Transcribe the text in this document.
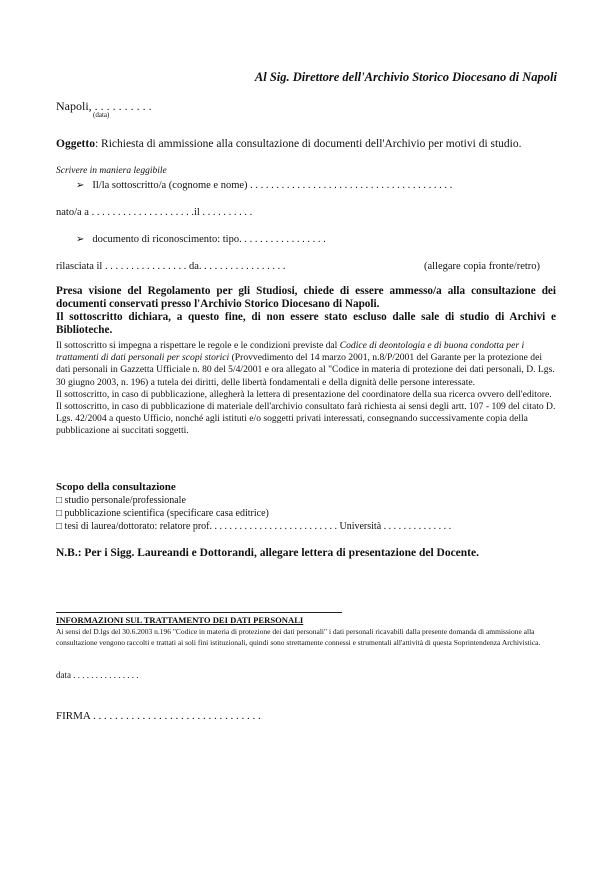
Al Sig. Direttore dell'Archivio Storico Diocesano di Napoli
Napoli, . . . . . . . . . .
(data)
Oggetto: Richiesta di ammissione alla consultazione di documenti dell'Archivio per motivi di studio.
Scrivere in maniera leggibile
➢ Il/la sottoscritto/a (cognome e nome) . . . . . . . . . . . . . . . . . . . . . . . . . . . . . . . . . . . . . . .
nato/a a . . . . . . . . . . . . . . . . . . . .il . . . . . . . . . .
➢ documento di riconoscimento: tipo. . . . . . . . . . . . . . . . .
rilasciata il . . . . . . . . . . . . . . . . da. . . . . . . . . . . . . . . . .	(allegare copia fronte/retro)
Presa visione del Regolamento per gli Studiosi, chiede di essere ammesso/a alla consultazione dei documenti conservati presso l'Archivio Storico Diocesano di Napoli.
Il sottoscritto dichiara, a questo fine, di non essere stato escluso dalle sale di studio di Archivi e Biblioteche.

Il sottoscritto si impegna a rispettare le regole e le condizioni previste dal Codice di deontologia e di buona condotta per i trattamenti di dati personali per scopi storici (Provvedimento del 14 marzo 2001, n.8/P/2001 del Garante per la protezione dei dati personali in Gazzetta Ufficiale n. 80 del 5/4/2001 e ora allegato al "Codice in materia di protezione dei dati personali, D. Lgs. 30 giugno 2003, n. 196) a tutela dei diritti, delle libertà fondamentali e della dignità delle persone interessate.

Il sottoscritto, in caso di pubblicazione, allegherà la lettera di presentazione del coordinatore della sua ricerca ovvero dell'editore.

Il sottoscritto, in caso di pubblicazione di materiale dell'archivio consultato farà richiesta ai sensi degli artt. 107 - 109 del citato D. Lgs. 42/2004 a questo Ufficio, nonché agli istituti e/o soggetti privati interessati, consegnando successivamente copia della pubblicazione ai succitati soggetti.

Scopo della consultazione
□ studio personale/professionale
□ pubblicazione scientifica (specificare casa editrice)
□ tesi di laurea/dottorato: relatore prof. . . . . . . . . . . . . . . . . . . . . . . . . . Università . . . . . . . . . . . . . .
N.B.: Per i Sigg. Laureandi e Dottorandi, allegare lettera di presentazione del Docente.
INFORMAZIONI SUL TRATTAMENTO DEI DATI PERSONALI
Ai sensi del D.lgs del 30.6.2003 n.196 "Codice in materia di protezione dei dati personali" i dati personali ricavabili dalla presente domanda di ammissione alla consultazione vengono raccolti e trattati ai soli fini istituzionali, quindi sono strettamente connessi e strumentali all'attività di questa Soprintendenza Archivistica.
data . . . . . . . . . . . . . . .
FIRMA . . . . . . . . . . . . . . . . . . . . . . . . . . . . . . .
